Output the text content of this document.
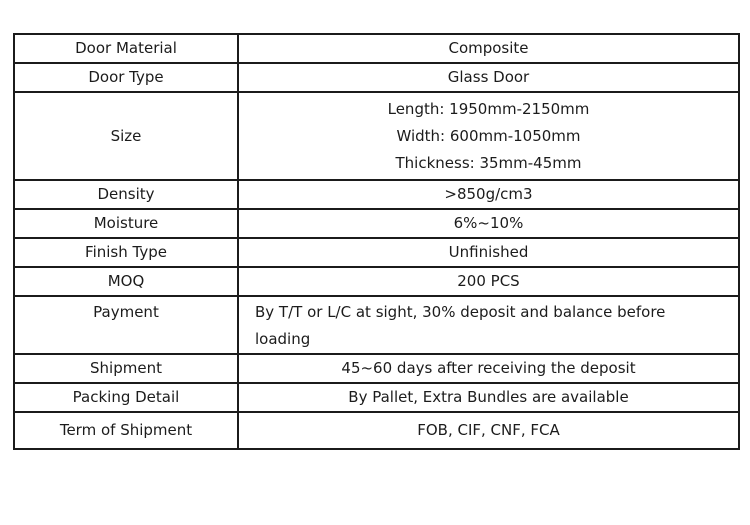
Door Material	Composite
Door Type	Glass Door
Size	Length: 1950mm-2150mm
Width: 600mm-1050mm
Thickness: 35mm-45mm

Density	>850g/cm3
Moisture	6%~10%
Finish Type	Unfinished
MOQ	200 PCS
Payment	By T/T or L/C at sight, 30% deposit and balance before loading
Shipment	45~60 days after receiving the deposit
Packing Detail	By Pallet, Extra Bundles are available
Term of Shipment	FOB, CIF, CNF, FCA
